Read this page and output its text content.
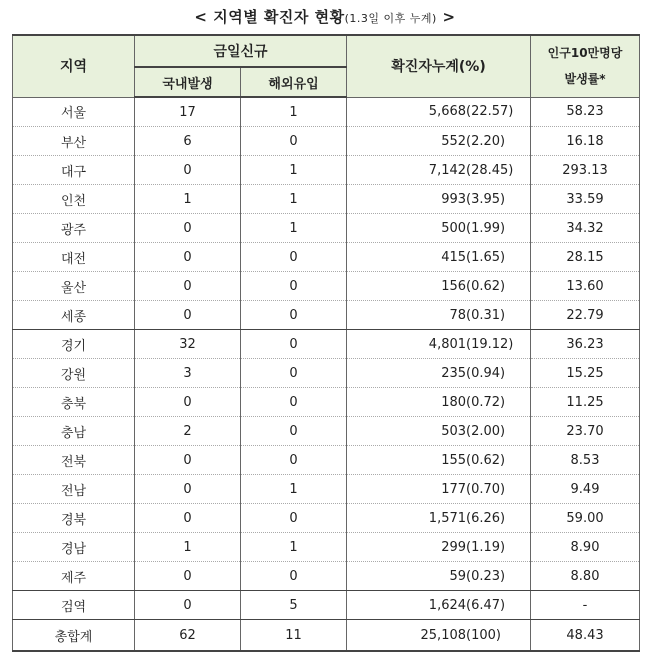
< 지역별 확진자 현황(1.3일 이후 누계) >
지역	금일신규		확진자누계(%)	인구10만명당
발생률*

	국내발생	해외유입		
서울	17	1	5,668(22.57)	58.23
부산	6	0	552(2.20)	16.18
대구	0	1	7,142(28.45)	293.13
인천	1	1	993(3.95)	33.59
광주	0	1	500(1.99)	34.32
대전	0	0	415(1.65)	28.15
울산	0	0	156(0.62)	13.60
세종	0	0	78(0.31)	22.79
경기	32	0	4,801(19.12)	36.23
강원	3	0	235(0.94)	15.25
충북	0	0	180(0.72)	11.25
충남	2	0	503(2.00)	23.70
전북	0	0	155(0.62)	8.53
전남	0	1	177(0.70)	9.49
경북	0	0	1,571(6.26)	59.00
경남	1	1	299(1.19)	8.90
제주	0	0	59(0.23)	8.80
검역	0	5	1,624(6.47)	-
총합계	62	11	25,108(100)	48.43
